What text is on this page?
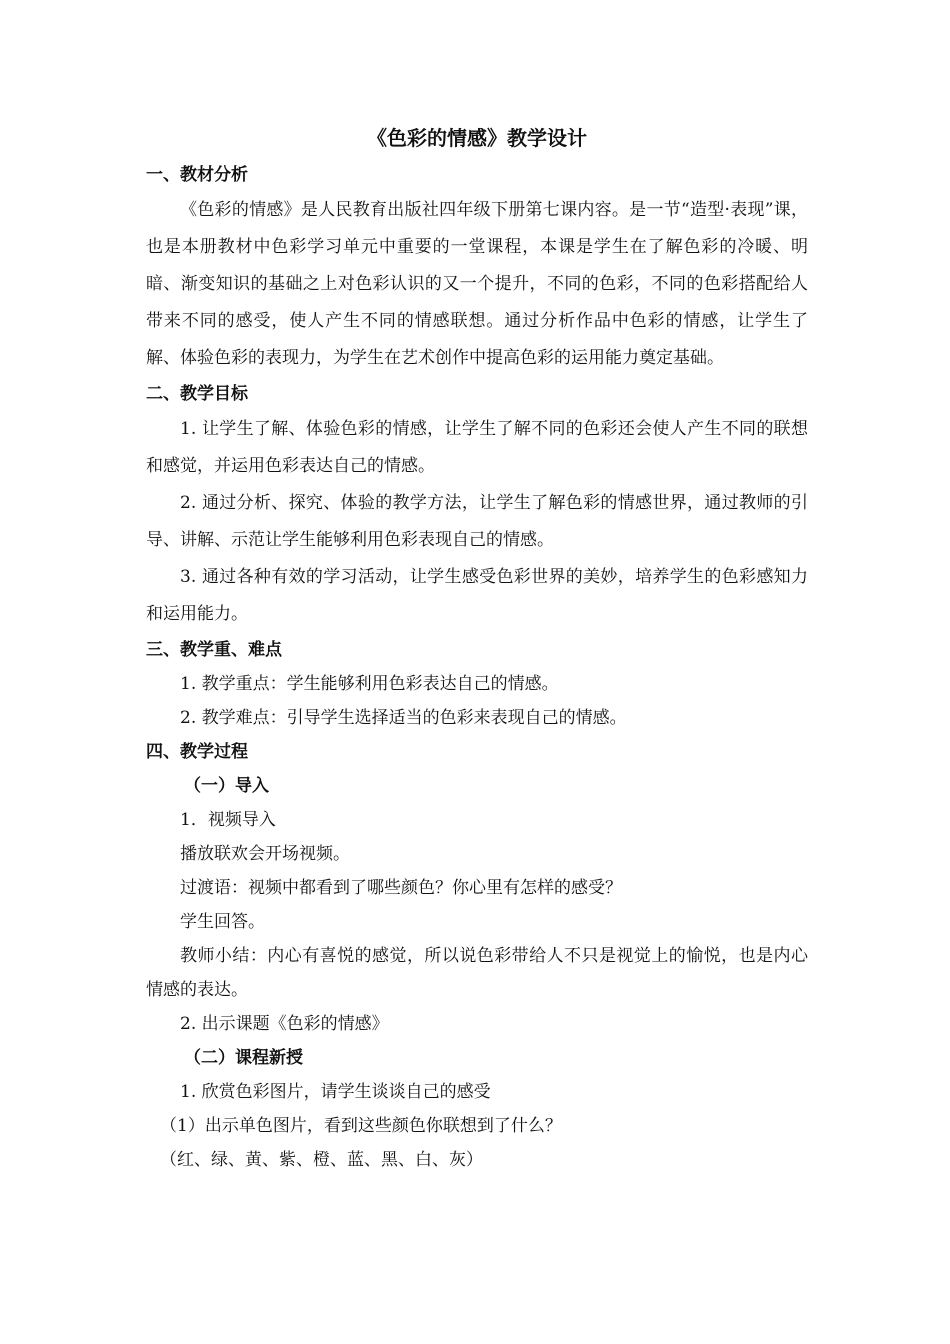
《色彩的情感》教学设计
一、教材分析

《色彩的情感》是人民教育出版社四年级下册第七课内容。是一节“造型·表现”课，也是本册教材中色彩学习单元中重要的一堂课程，本课是学生在了解色彩的冷暖、明暗、渐变知识的基础之上对色彩认识的又一个提升，不同的色彩，不同的色彩搭配给人带来不同的感受，使人产生不同的情感联想。通过分析作品中色彩的情感，让学生了解、体验色彩的表现力，为学生在艺术创作中提高色彩的运用能力奠定基础。

二、教学目标

1. 让学生了解、体验色彩的情感，让学生了解不同的色彩还会使人产生不同的联想和感觉，并运用色彩表达自己的情感。

2. 通过分析、探究、体验的教学方法，让学生了解色彩的情感世界，通过教师的引导、讲解、示范让学生能够利用色彩表现自己的情感。

3. 通过各种有效的学习活动，让学生感受色彩世界的美妙，培养学生的色彩感知力和运用能力。

三、教学重、难点
1. 教学重点：学生能够利用色彩表达自己的情感。
2. 教学难点：引导学生选择适当的色彩来表现自己的情感。
四、教学过程
（一）导入
1．视频导入
播放联欢会开场视频。
过渡语：视频中都看到了哪些颜色？你心里有怎样的感受？
学生回答。

教师小结：内心有喜悦的感觉，所以说色彩带给人不只是视觉上的愉悦，也是内心情感的表达。

2. 出示课题《色彩的情感》
（二）课程新授
1. 欣赏色彩图片，请学生谈谈自己的感受
（1）出示单色图片，看到这些颜色你联想到了什么？
（红、绿、黄、紫、橙、蓝、黑、白、灰）
